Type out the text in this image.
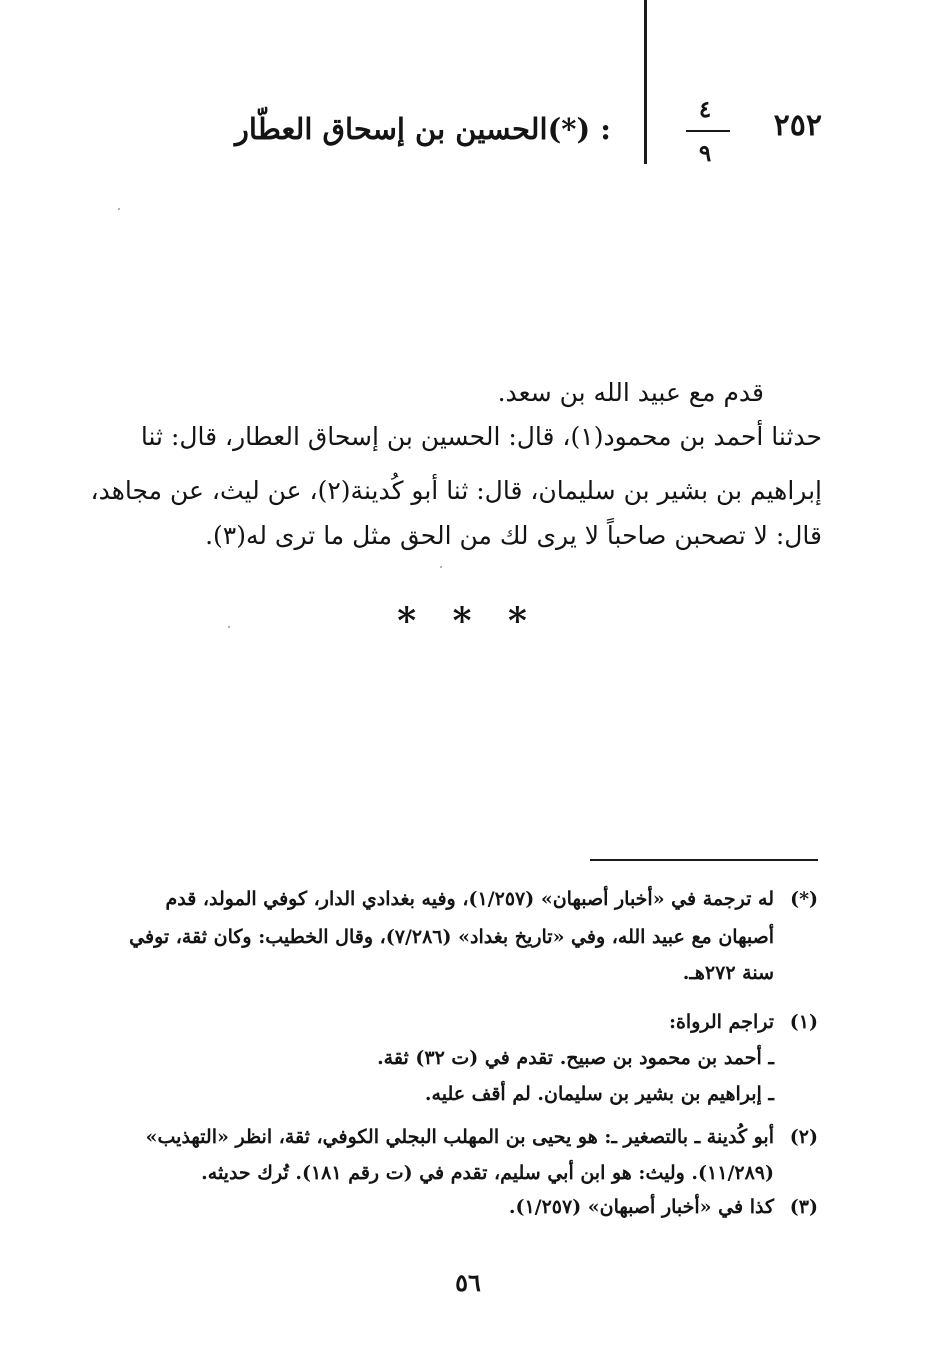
٢٥٢
٤
٩
الحسين بن إسحاق العطّار(*) :
قدم مع عبيد الله بن سعد.
حدثنا أحمد بن محمود(١)، قال: الحسين بن إسحاق العطار، قال: ثنا
إبراهيم بن بشير بن سليمان، قال: ثنا أبو كُدينة(٢)، عن ليث، عن مجاهد،
قال: لا تصحبن صاحباً لا يرى لك من الحق مثل ما ترى له(٣).
* * *
(*)
له ترجمة في «أخبار أصبهان» (١/٢٥٧)، وفيه بغدادي الدار، كوفي المولد، قدم
أصبهان مع عبيد الله، وفي «تاريخ بغداد» (٧/٢٨٦)، وقال الخطيب: وكان ثقة، توفي
سنة ٢٧٢هـ.
(١)
تراجم الرواة:
ـ أحمد بن محمود بن صبيح. تقدم في (ت ٣٢) ثقة.
ـ إبراهيم بن بشير بن سليمان. لم أقف عليه.
(٢)
أبو كُدينة ـ بالتصغير ـ: هو يحيى بن المهلب البجلي الكوفي، ثقة، انظر «التهذيب»
(١١/٢٨٩). وليث: هو ابن أبي سليم، تقدم في (ت رقم ١٨١). تُرك حديثه.
(٣)
كذا في «أخبار أصبهان» (١/٢٥٧).
٥٦
